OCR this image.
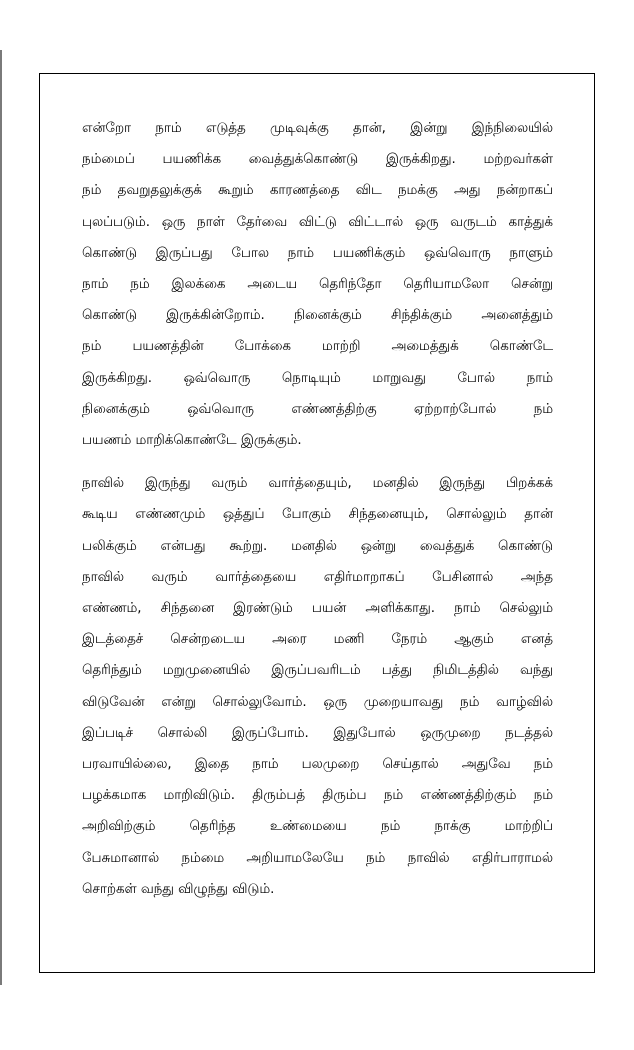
என்றோ நாம் எடுத்த முடிவுக்கு தான், இன்று இந்நிலையில்
நம்மைப் பயணிக்க வைத்துக்கொண்டு இருக்கிறது. மற்றவர்கள்
நம் தவறுதலுக்குக் கூறும் காரணத்தை விட நமக்கு அது நன்றாகப்
புலப்படும். ஒரு நாள் தேர்வை விட்டு விட்டால் ஒரு வருடம் காத்துக்
கொண்டு இருப்பது போல நாம் பயணிக்கும் ஒவ்வொரு நாளும்
நாம் நம் இலக்கை அடைய தெரிந்தோ தெரியாமலோ சென்று
கொண்டு இருக்கின்றோம். நினைக்கும் சிந்திக்கும் அனைத்தும்
நம் பயணத்தின் போக்கை மாற்றி அமைத்துக் கொண்டே
இருக்கிறது. ஒவ்வொரு நொடியும் மாறுவது போல் நாம்
நினைக்கும் ஒவ்வொரு எண்ணத்திற்கு ஏற்றாற்போல் நம்
பயணம் மாறிக்கொண்டே இருக்கும்.

நாவில் இருந்து வரும் வார்த்தையும், மனதில் இருந்து பிறக்கக்
கூடிய எண்ணமும் ஒத்துப் போகும் சிந்தனையும், சொல்லும் தான்
பலிக்கும் என்பது கூற்று. மனதில் ஒன்று வைத்துக் கொண்டு
நாவில் வரும் வார்த்தையை எதிர்மாறாகப் பேசினால் அந்த
எண்ணம், சிந்தனை இரண்டும் பயன் அளிக்காது. நாம் செல்லும்
இடத்தைச் சென்றடைய அரை மணி நேரம் ஆகும் எனத்
தெரிந்தும் மறுமுனையில் இருப்பவரிடம் பத்து நிமிடத்தில் வந்து
விடுவேன் என்று சொல்லுவோம். ஒரு முறையாவது நம் வாழ்வில்
இப்படிச் சொல்லி இருப்போம். இதுபோல் ஒருமுறை நடத்தல்
பரவாயில்லை, இதை நாம் பலமுறை செய்தால் அதுவே நம்
பழக்கமாக மாறிவிடும். திரும்பத் திரும்ப நம் எண்ணத்திற்கும் நம்
அறிவிற்கும் தெரிந்த உண்மையை நம் நாக்கு மாற்றிப்
பேசுமானால் நம்மை அறியாமலேயே நம் நாவில் எதிர்பாராமல்
சொற்கள் வந்து விழுந்து விடும்.
